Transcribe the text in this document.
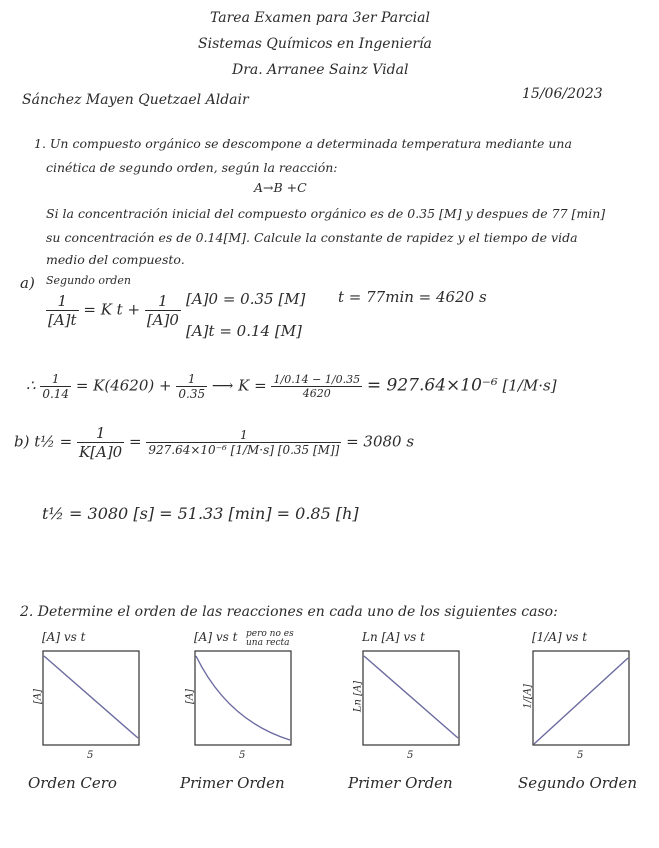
Tarea Examen para 3er Parcial
Sistemas Químicos en Ingeniería
Dra. Arranee Sainz Vidal
Sánchez Mayen Quetzael Aldair	15/06/2023
1. Un compuesto orgánico se descompone a determinada temperatura mediante una
cinética de segundo orden, según la reacción:
A→B +C
Si la concentración inicial del compuesto orgánico es de 0.35 [M] y despues de 77 [min]
su concentración es de 0.14[M]. Calcule la constante de rapidez y el tiempo de vida
medio del compuesto.
a) Segundo orden
$\frac{1}{[A]t} = K$ $t + \frac{1}{[A]0} [A]0 = 0.35$ [M]
[A]t = 0.14 [M]
t = 77min = 4620 s
∴ $\frac{1}{0.14} = K(4620) + \frac{1}{0.35}$ ⟶ $K = \frac{1/0.14 - 1/0.35}{4620} = 927.64\times 10^{-6}$ [1/M·s]
b) t½ = $\frac{1}{K[A]0} = \frac{1}{\text{927.64×10⁻⁶ [1/M·s] [0.35 [M]]}} = 3080$ s
t½ = 3080 [s] = 51.33 [min] = 0.85 [h]
2. Determine el orden de las reacciones en cada uno de los siguientes caso:
[A] vs t
[A]
5
Orden Cero
[A] vs t pero no es una recta
[A]
5
Primer Orden
Ln [A] vs t
Ln [A]
5
Primer Orden
[1/A] vs t
1/[A]
5
Segundo Orden
